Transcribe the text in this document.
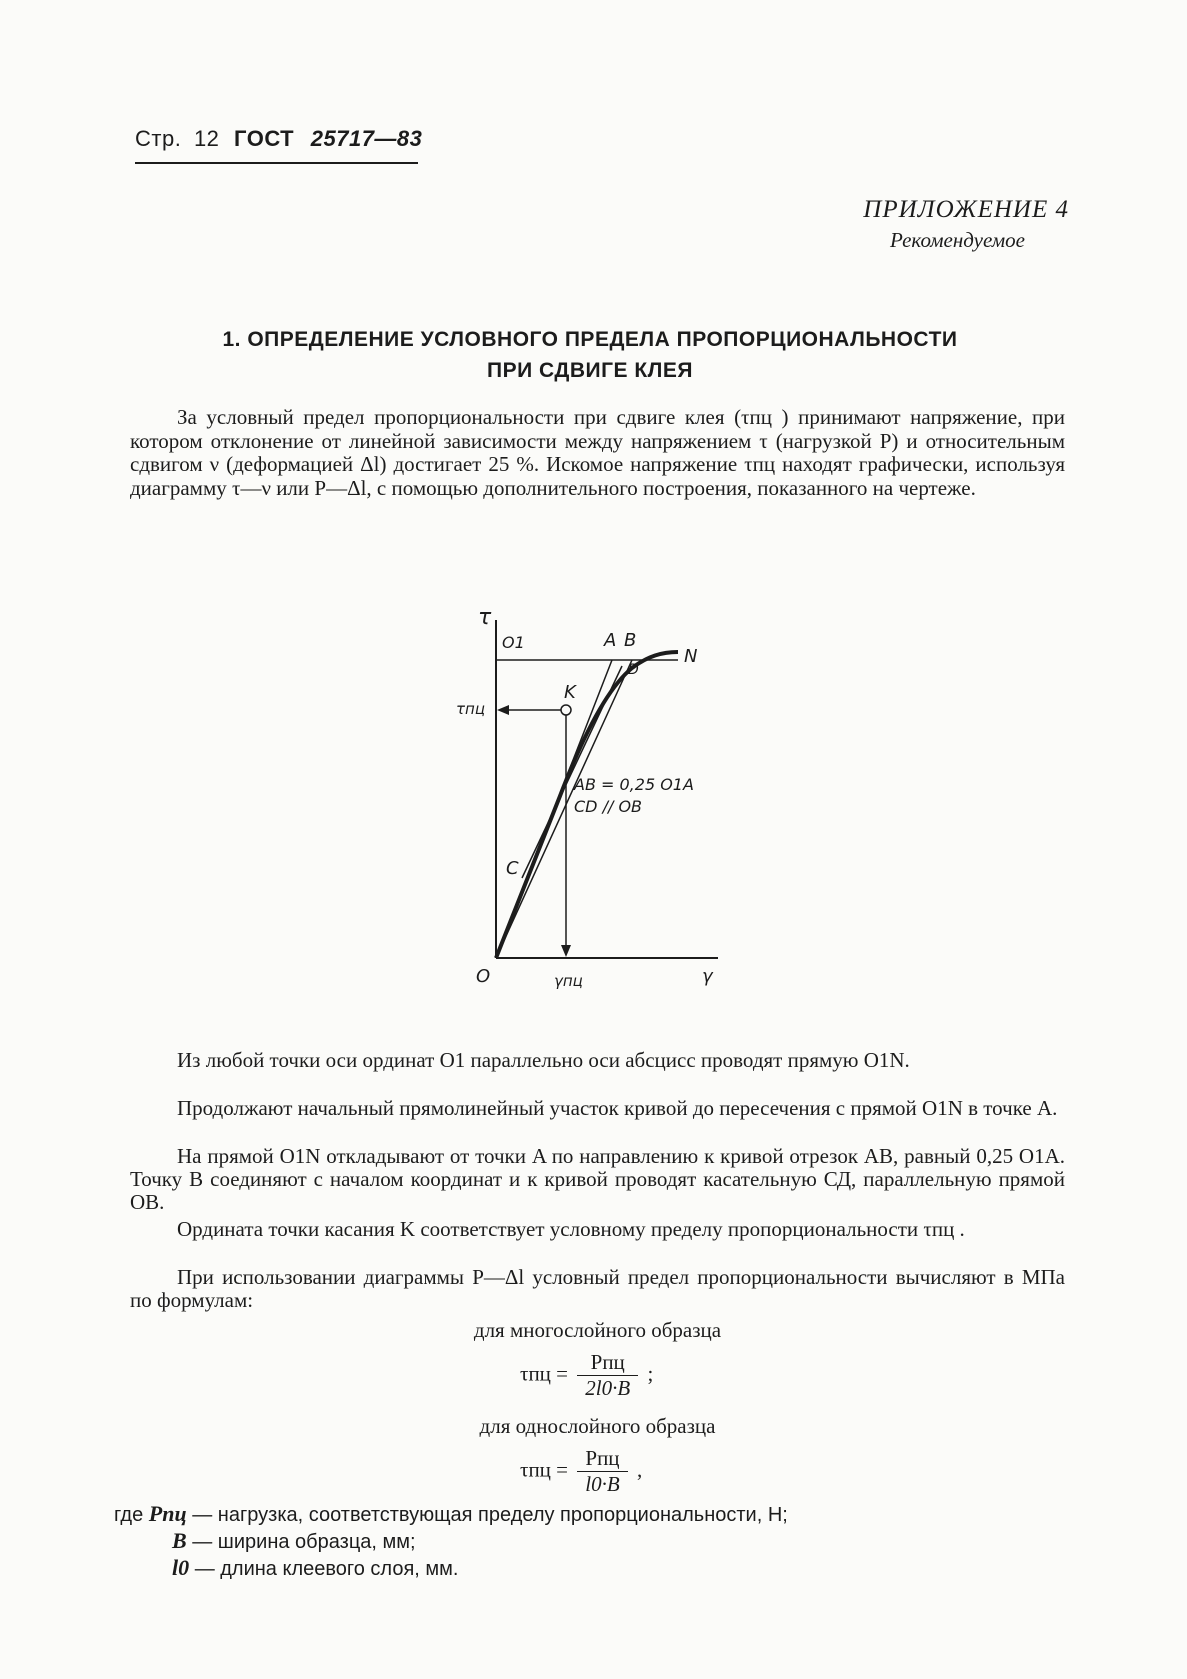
Стр. 12 ГОСТ 25717—83
ПРИЛОЖЕНИЕ 4
Рекомендуемое
1. ОПРЕДЕЛЕНИЕ УСЛОВНОГО ПРЕДЕЛА ПРОПОРЦИОНАЛЬНОСТИ
ПРИ СДВИГЕ КЛЕЯ
За условный предел пропорциональности при сдвиге клея (τпц ) принимают напряжение, при котором отклонение от линейной зависимости между напряжением τ (нагрузкой P) и относительным сдвигом ν (деформацией Δl) достигает 25 %. Искомое напряжение τпц находят графически, используя диаграмму τ—ν или P—Δl, с помощью дополнительного построения, показанного на чертеже.
τ
O1	A B
N
D
K
C
τпц
AB = 0,25 O1A
CD // OB
O	γпц	γ
Из любой точки оси ординат O1 параллельно оси абсцисс проводят прямую O1N.
Продолжают начальный прямолинейный участок кривой до пересечения с прямой O1N в точке A.
На прямой O1N откладывают от точки A по направлению к кривой отрезок AB, равный 0,25 O1A. Точку B соединяют с началом координат и к кривой проводят касательную СД, параллельную прямой OB.
Ордината точки касания K соответствует условному пределу пропорциональности τпц .
При использовании диаграммы P—Δl условный предел пропорциональности вычисляют в МПа по формулам:
для многослойного образца
$\tau пц = \frac{\text{Pпц}}{2l0\cdot B}$ ;
для однослойного образца
$\tau пц = \frac{\text{Pпц}}{l0\cdot B}$ ,
где Pпц — нагрузка, соответствующая пределу пропорциональности, Н;
B — ширина образца, мм;
l0 — длина клеевого слоя, мм.
